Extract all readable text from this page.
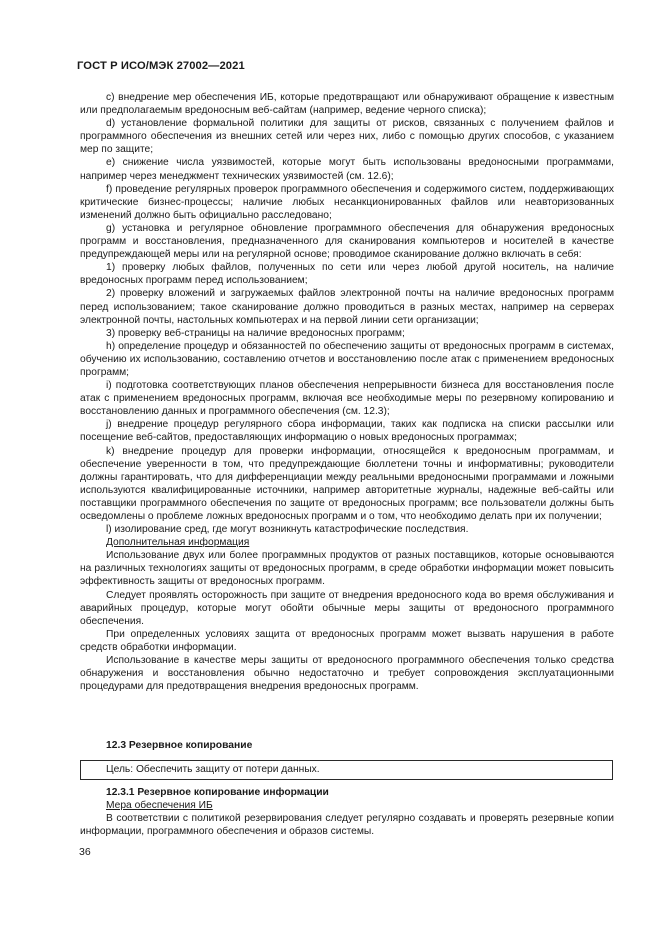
ГОСТ Р ИСО/МЭК 27002—2021

c) внедрение мер обеспечения ИБ, которые предотвращают или обнаруживают обращение к известным или предполагаемым вредоносным веб-сайтам (например, ведение черного списка);

d) установление формальной политики для защиты от рисков, связанных с получением файлов и программного обеспечения из внешних сетей или через них, либо с помощью других способов, с указанием мер по защите;

e) снижение числа уязвимостей, которые могут быть использованы вредоносными программами, например через менеджмент технических уязвимостей (см. 12.6);

f) проведение регулярных проверок программного обеспечения и содержимого систем, поддерживающих критические бизнес-процессы; наличие любых несанкционированных файлов или неавторизованных изменений должно быть официально расследовано;

g) установка и регулярное обновление программного обеспечения для обнаружения вредоносных программ и восстановления, предназначенного для сканирования компьютеров и носителей в качестве предупреждающей меры или на регулярной основе; проводимое сканирование должно включать в себя:

1) проверку любых файлов, полученных по сети или через любой другой носитель, на наличие вредоносных программ перед использованием;

2) проверку вложений и загружаемых файлов электронной почты на наличие вредоносных программ перед использованием; такое сканирование должно проводиться в разных местах, например на серверах электронной почты, настольных компьютерах и на первой линии сети организации;

3) проверку веб-страницы на наличие вредоносных программ;

h) определение процедур и обязанностей по обеспечению защиты от вредоносных программ в системах, обучению их использованию, составлению отчетов и восстановлению после атак с применением вредоносных программ;

i) подготовка соответствующих планов обеспечения непрерывности бизнеса для восстановления после атак с применением вредоносных программ, включая все необходимые меры по резервному копированию и восстановлению данных и программного обеспечения (см. 12.3);

j) внедрение процедур регулярного сбора информации, таких как подписка на списки рассылки или посещение веб-сайтов, предоставляющих информацию о новых вредоносных программах;

k) внедрение процедур для проверки информации, относящейся к вредоносным программам, и обеспечение уверенности в том, что предупреждающие бюллетени точны и информативны; руководители должны гарантировать, что для дифференциации между реальными вредоносными программами и ложными используются квалифицированные источники, например авторитетные журналы, надежные веб-сайты или поставщики программного обеспечения по защите от вредоносных программ; все пользователи должны быть осведомлены о проблеме ложных вредоносных программ и о том, что необходимо делать при их получении;

l) изолирование сред, где могут возникнуть катастрофические последствия.

Дополнительная информация

Использование двух или более программных продуктов от разных поставщиков, которые основываются на различных технологиях защиты от вредоносных программ, в среде обработки информации может повысить эффективность защиты от вредоносных программ.

Следует проявлять осторожность при защите от внедрения вредоносного кода во время обслуживания и аварийных процедур, которые могут обойти обычные меры защиты от вредоносного программного обеспечения.

При определенных условиях защита от вредоносных программ может вызвать нарушения в работе средств обработки информации.

Использование в качестве меры защиты от вредоносного программного обеспечения только средства обнаружения и восстановления обычно недостаточно и требует сопровождения эксплуатационными процедурами для предотвращения внедрения вредоносных программ.

12.3 Резервное копирование
Цель: Обеспечить защиту от потери данных.

12.3.1 Резервное копирование информации

Мера обеспечения ИБ

В соответствии с политикой резервирования следует регулярно создавать и проверять резервные копии информации, программного обеспечения и образов системы.

36
